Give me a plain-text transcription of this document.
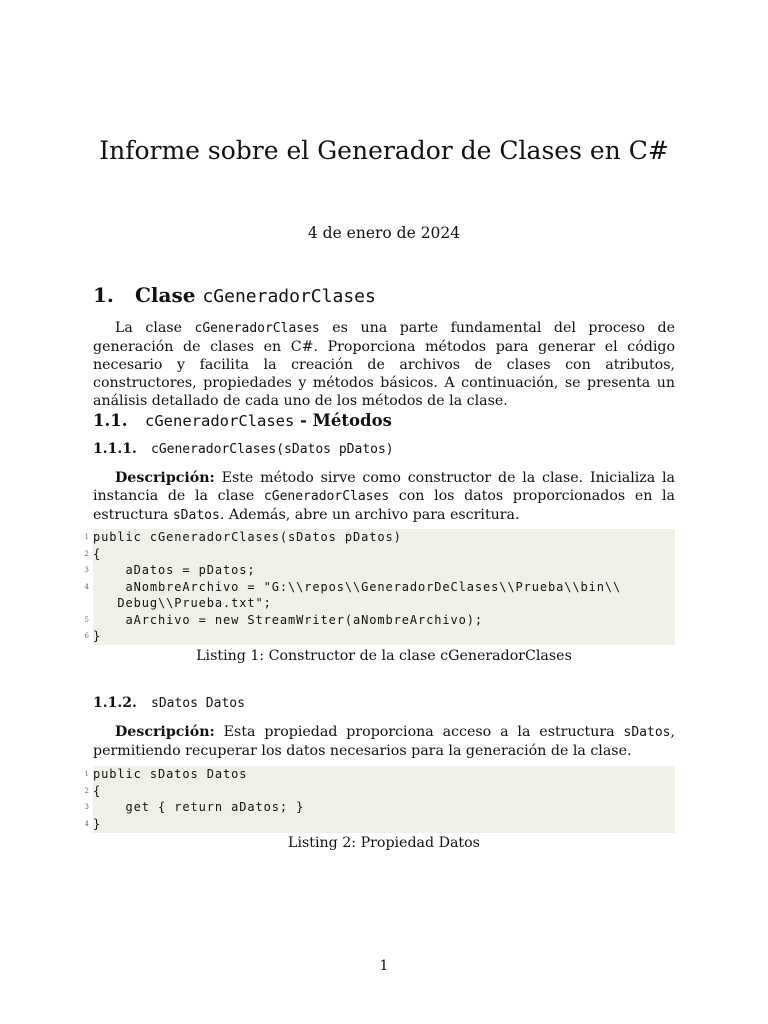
Informe sobre el Generador de Clases en C#
4 de enero de 2024
1. Clase cGeneradorClases

La clase cGeneradorClases es una parte fundamental del proceso de generación de clases en C#. Proporciona métodos para generar el código necesario y facilita la creación de archivos de clases con atributos, constructores, propiedades y métodos básicos. A continuación, se presenta un análisis detallado de cada uno de los métodos de la clase.

1.1. cGeneradorClases - Métodos
1.1.1. cGeneradorClases(sDatos pDatos)

Descripción: Este método sirve como constructor de la clase. Inicializa la instancia de la clase cGeneradorClases con los datos proporcionados en la estructura sDatos. Además, abre un archivo para escritura.

1 public cGeneradorClases(sDatos pDatos)
2 {
3 aDatos = pDatos;
4 aNombreArchivo = "G:\\repos\\GeneradorDeClases\\Prueba\\bin\\
Debug\\Prueba.txt";
5 aArchivo = new StreamWriter(aNombreArchivo);
6 }
Listing 1: Constructor de la clase cGeneradorClases
1.1.2. sDatos Datos

Descripción: Esta propiedad proporciona acceso a la estructura sDatos, permitiendo recuperar los datos necesarios para la generación de la clase.

1 public sDatos Datos
2 {
3 get { return aDatos; }
4 }
Listing 2: Propiedad Datos
1
